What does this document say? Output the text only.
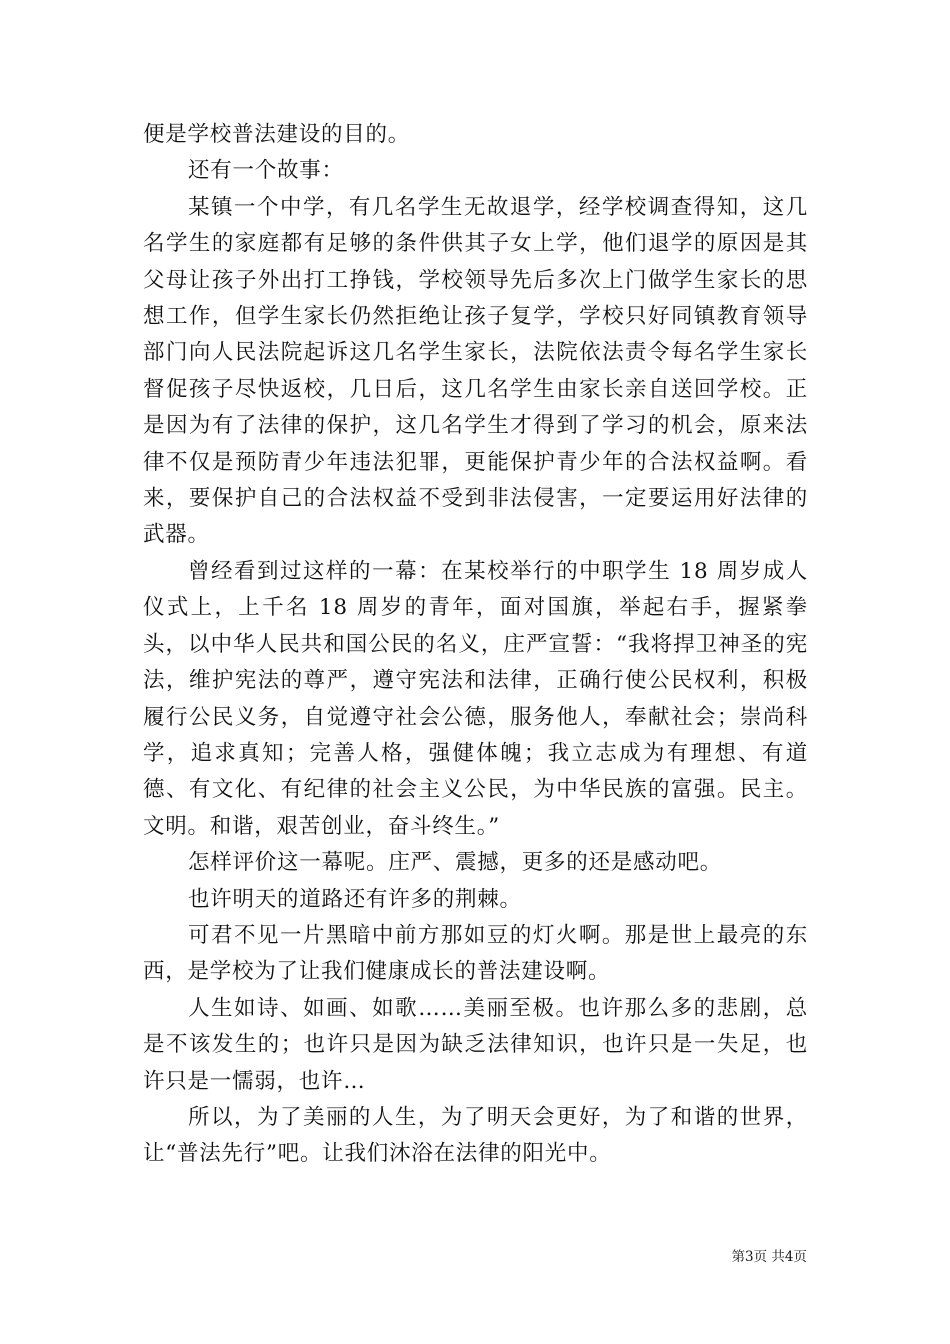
便是学校普法建设的目的。

还有一个故事：

某镇一个中学，有几名学生无故退学，经学校调查得知，这几名学生的家庭都有足够的条件供其子女上学，他们退学的原因是其父母让孩子外出打工挣钱，学校领导先后多次上门做学生家长的思想工作，但学生家长仍然拒绝让孩子复学，学校只好同镇教育领导部门向人民法院起诉这几名学生家长，法院依法责令每名学生家长督促孩子尽快返校，几日后，这几名学生由家长亲自送回学校。正是因为有了法律的保护，这几名学生才得到了学习的机会，原来法律不仅是预防青少年违法犯罪，更能保护青少年的合法权益啊。看来，要保护自己的合法权益不受到非法侵害，一定要运用好法律的武器。

曾经看到过这样的一幕：在某校举行的中职学生 18 周岁成人仪式上，上千名 18 周岁的青年，面对国旗，举起右手，握紧拳头，以中华人民共和国公民的名义，庄严宣誓：“我将捍卫神圣的宪法，维护宪法的尊严，遵守宪法和法律，正确行使公民权利，积极履行公民义务，自觉遵守社会公德，服务他人，奉献社会；崇尚科学，追求真知；完善人格，强健体魄；我立志成为有理想、有道德、有文化、有纪律的社会主义公民，为中华民族的富强。民主。文明。和谐，艰苦创业，奋斗终生。”

怎样评价这一幕呢。庄严、震撼，更多的还是感动吧。

也许明天的道路还有许多的荆棘。

可君不见一片黑暗中前方那如豆的灯火啊。那是世上最亮的东西，是学校为了让我们健康成长的普法建设啊。

人生如诗、如画、如歌……美丽至极。也许那么多的悲剧，总是不该发生的；也许只是因为缺乏法律知识，也许只是一失足，也许只是一懦弱，也许…

所以，为了美丽的人生，为了明天会更好，为了和谐的世界，让“普法先行”吧。让我们沐浴在法律的阳光中。

第3页 共4页
